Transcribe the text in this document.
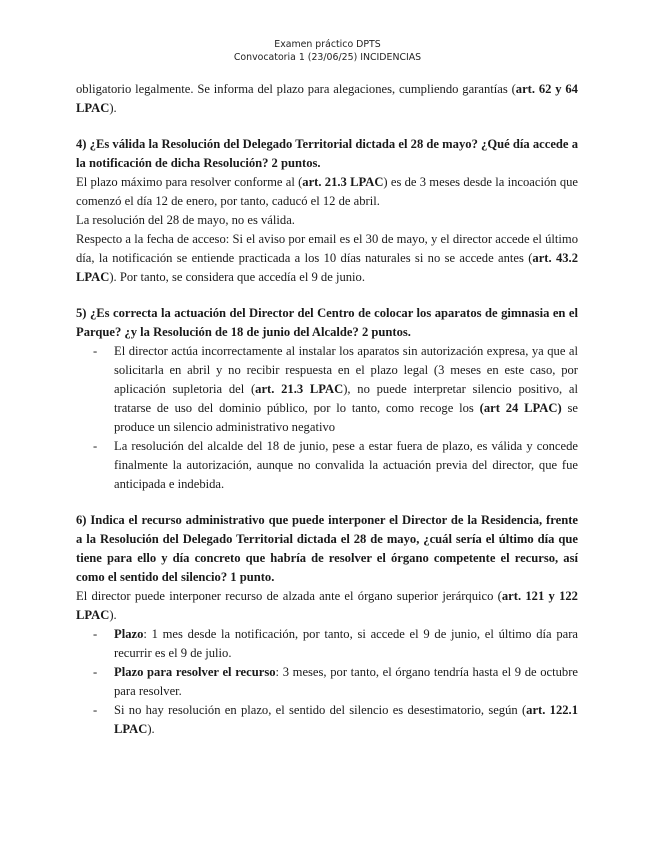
Examen práctico DPTS
Convocatoria 1 (23/06/25) INCIDENCIAS

obligatorio legalmente. Se informa del plazo para alegaciones, cumpliendo garantías (art. 62 y 64 LPAC).

4) ¿Es válida la Resolución del Delegado Territorial dictada el 28 de mayo? ¿Qué día accede a la notificación de dicha Resolución? 2 puntos.

El plazo máximo para resolver conforme al (art. 21.3 LPAC) es de 3 meses desde la incoación que comenzó el día 12 de enero, por tanto, caducó el 12 de abril.

La resolución del 28 de mayo, no es válida.

Respecto a la fecha de acceso: Si el aviso por email es el 30 de mayo, y el director accede el último día, la notificación se entiende practicada a los 10 días naturales si no se accede antes (art. 43.2 LPAC). Por tanto, se considera que accedía el 9 de junio.

5) ¿Es correcta la actuación del Director del Centro de colocar los aparatos de gimnasia en el Parque? ¿y la Resolución de 18 de junio del Alcalde? 2 puntos.

- El director actúa incorrectamente al instalar los aparatos sin autorización expresa, ya que al solicitarla en abril y no recibir respuesta en el plazo legal (3 meses en este caso, por aplicación supletoria del (art. 21.3 LPAC), no puede interpretar silencio positivo, al tratarse de uso del dominio público, por lo tanto, como recoge los (art 24 LPAC) se produce un silencio administrativo negativo
- La resolución del alcalde del 18 de junio, pese a estar fuera de plazo, es válida y concede finalmente la autorización, aunque no convalida la actuación previa del director, que fue anticipada e indebida.

6) Indica el recurso administrativo que puede interponer el Director de la Residencia, frente a la Resolución del Delegado Territorial dictada el 28 de mayo, ¿cuál sería el último día que tiene para ello y día concreto que habría de resolver el órgano competente el recurso, así como el sentido del silencio? 1 punto.

El director puede interponer recurso de alzada ante el órgano superior jerárquico (art. 121 y 122 LPAC).

- Plazo: 1 mes desde la notificación, por tanto, si accede el 9 de junio, el último día para recurrir es el 9 de julio.
- Plazo para resolver el recurso: 3 meses, por tanto, el órgano tendría hasta el 9 de octubre para resolver.
- Si no hay resolución en plazo, el sentido del silencio es desestimatorio, según (art. 122.1 LPAC).
